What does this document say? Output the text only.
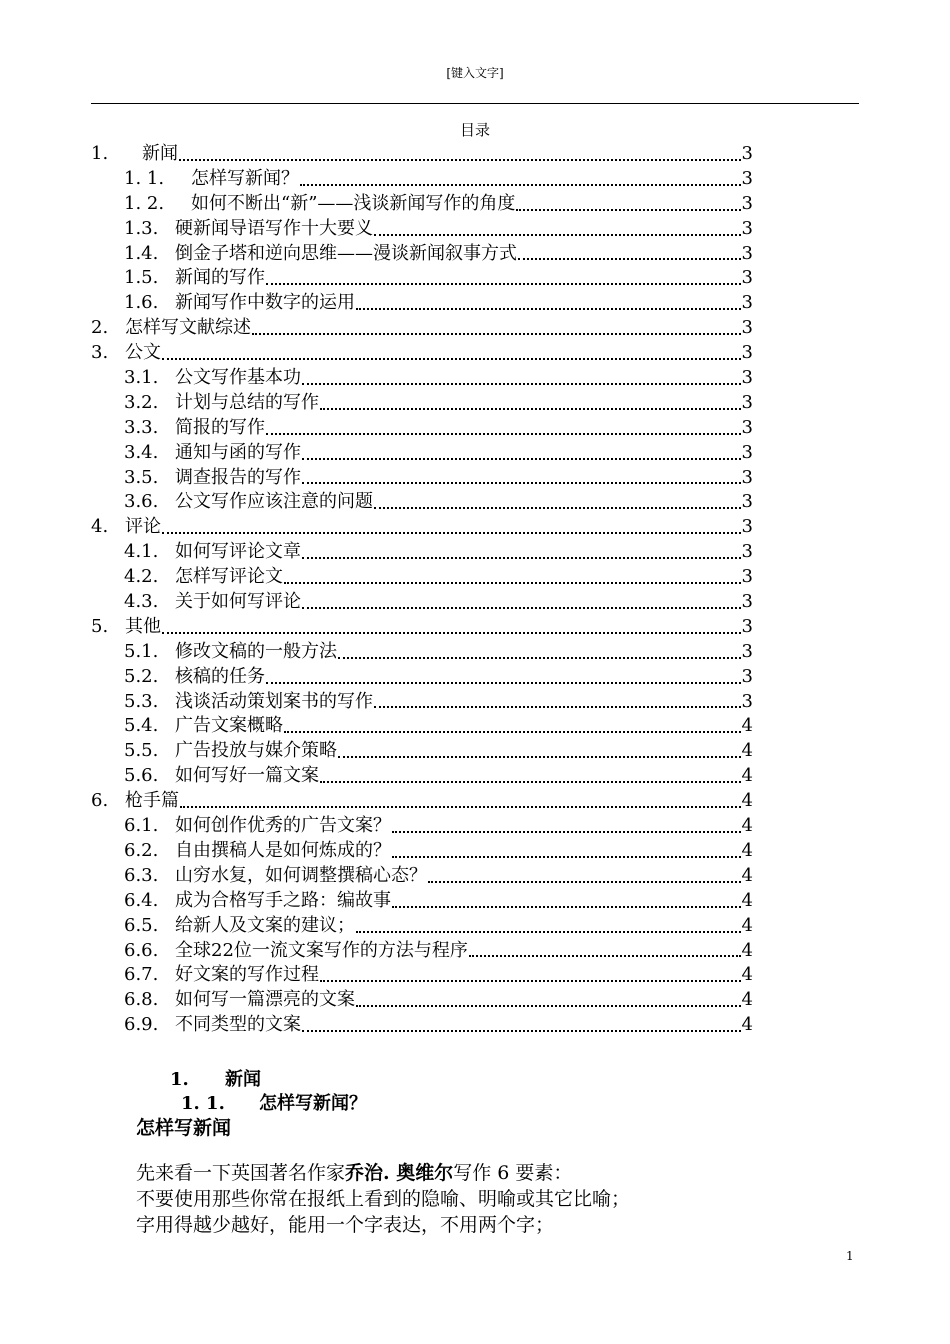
[键入文字]
目录
1.	新闻	3
1. 1.	怎样写新闻？	3
1. 2.	如何不断出“新”——浅谈新闻写作的角度	3
1.3. 硬新闻导语写作十大要义	3
1.4. 倒金子塔和逆向思维——漫谈新闻叙事方式	3
1.5. 新闻的写作	3
1.6. 新闻写作中数字的运用	3
2. 怎样写文献综述	3
3. 公文	3
3.1. 公文写作基本功	3
3.2. 计划与总结的写作	3
3.3. 简报的写作	3
3.4. 通知与函的写作	3
3.5. 调查报告的写作	3
3.6. 公文写作应该注意的问题	3
4. 评论	3
4.1. 如何写评论文章	3
4.2. 怎样写评论文	3
4.3. 关于如何写评论	3
5. 其他	3
5.1. 修改文稿的一般方法	3
5.2. 核稿的任务	3
5.3. 浅谈活动策划案书的写作	3
5.4. 广告文案概略	4
5.5. 广告投放与媒介策略	4
5.6. 如何写好一篇文案	4
6. 枪手篇	4
6.1. 如何创作优秀的广告文案？	4
6.2. 自由撰稿人是如何炼成的？	4
6.3. 山穷水复，如何调整撰稿心态？	4
6.4. 成为合格写手之路：编故事	4
6.5. 给新人及文案的建议；	4
6.6. 全球22位一流文案写作的方法与程序	4
6.7. 好文案的写作过程	4
6.8. 如何写一篇漂亮的文案	4
6.9. 不同类型的文案	4
1. 新闻
1. 1. 怎样写新闻？
怎样写新闻

先来看一下英国著名作家乔治. 奥维尔写作 6 要素：

不要使用那些你常在报纸上看到的隐喻、明喻或其它比喻；

字用得越少越好，能用一个字表达，不用两个字；

1
